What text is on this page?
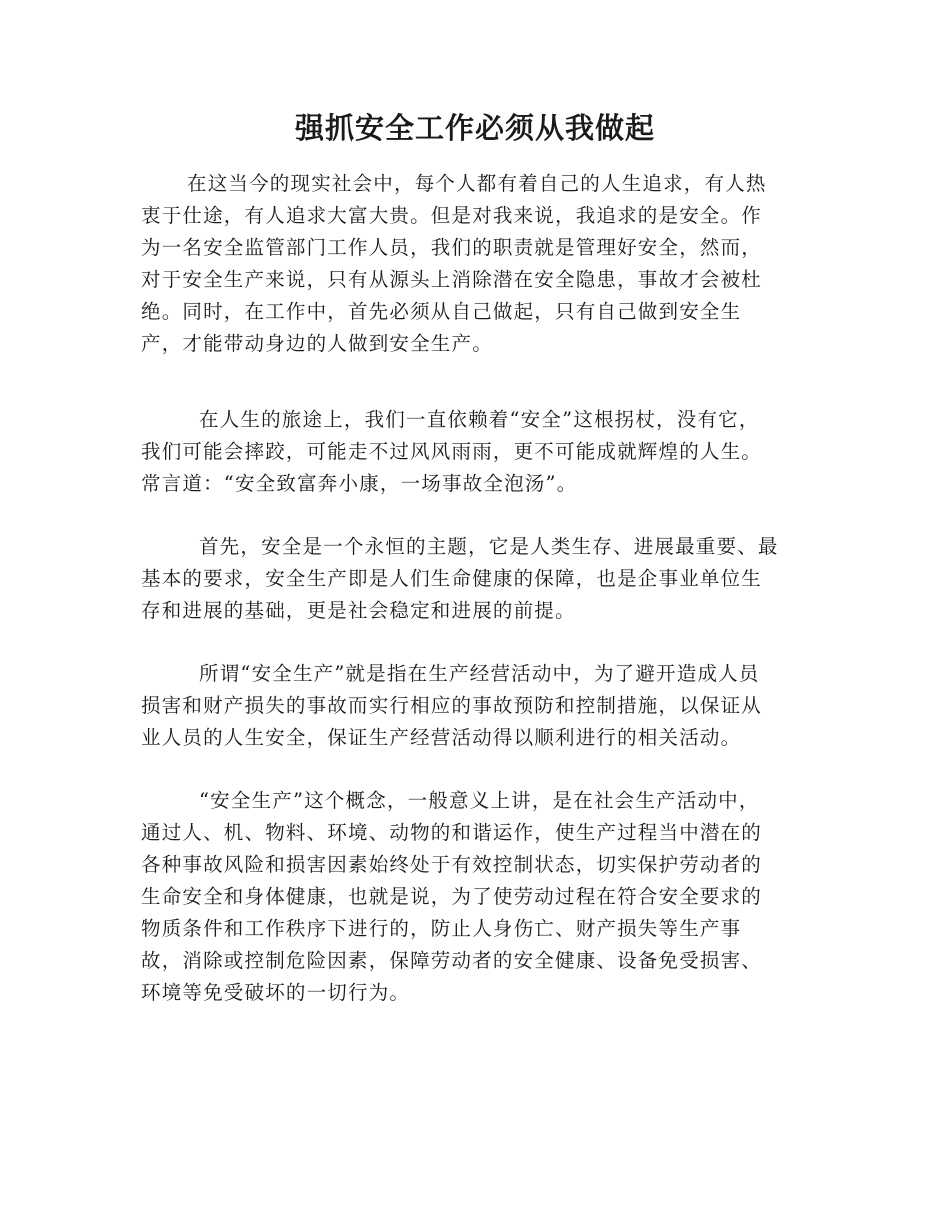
强抓安全工作必须从我做起
在这当今的现实社会中，每个人都有着自己的人生追求，有人热
衷于仕途，有人追求大富大贵。但是对我来说，我追求的是安全。作
为一名安全监管部门工作人员，我们的职责就是管理好安全，然而，
对于安全生产来说，只有从源头上消除潜在安全隐患，事故才会被杜
绝。同时，在工作中，首先必须从自己做起，只有自己做到安全生
产，才能带动身边的人做到安全生产。
在人生的旅途上，我们一直依赖着“安全”这根拐杖，没有它，
我们可能会摔跤，可能走不过风风雨雨，更不可能成就辉煌的人生。
常言道：“安全致富奔小康，一场事故全泡汤”。
首先，安全是一个永恒的主题，它是人类生存、进展最重要、最
基本的要求，安全生产即是人们生命健康的保障，也是企事业单位生
存和进展的基础，更是社会稳定和进展的前提。
所谓“安全生产”就是指在生产经营活动中，为了避开造成人员
损害和财产损失的事故而实行相应的事故预防和控制措施，以保证从
业人员的人生安全，保证生产经营活动得以顺利进行的相关活动。
“安全生产”这个概念，一般意义上讲，是在社会生产活动中，
通过人、机、物料、环境、动物的和谐运作，使生产过程当中潜在的
各种事故风险和损害因素始终处于有效控制状态，切实保护劳动者的
生命安全和身体健康，也就是说，为了使劳动过程在符合安全要求的
物质条件和工作秩序下进行的，防止人身伤亡、财产损失等生产事
故，消除或控制危险因素，保障劳动者的安全健康、设备免受损害、
环境等免受破坏的一切行为。
